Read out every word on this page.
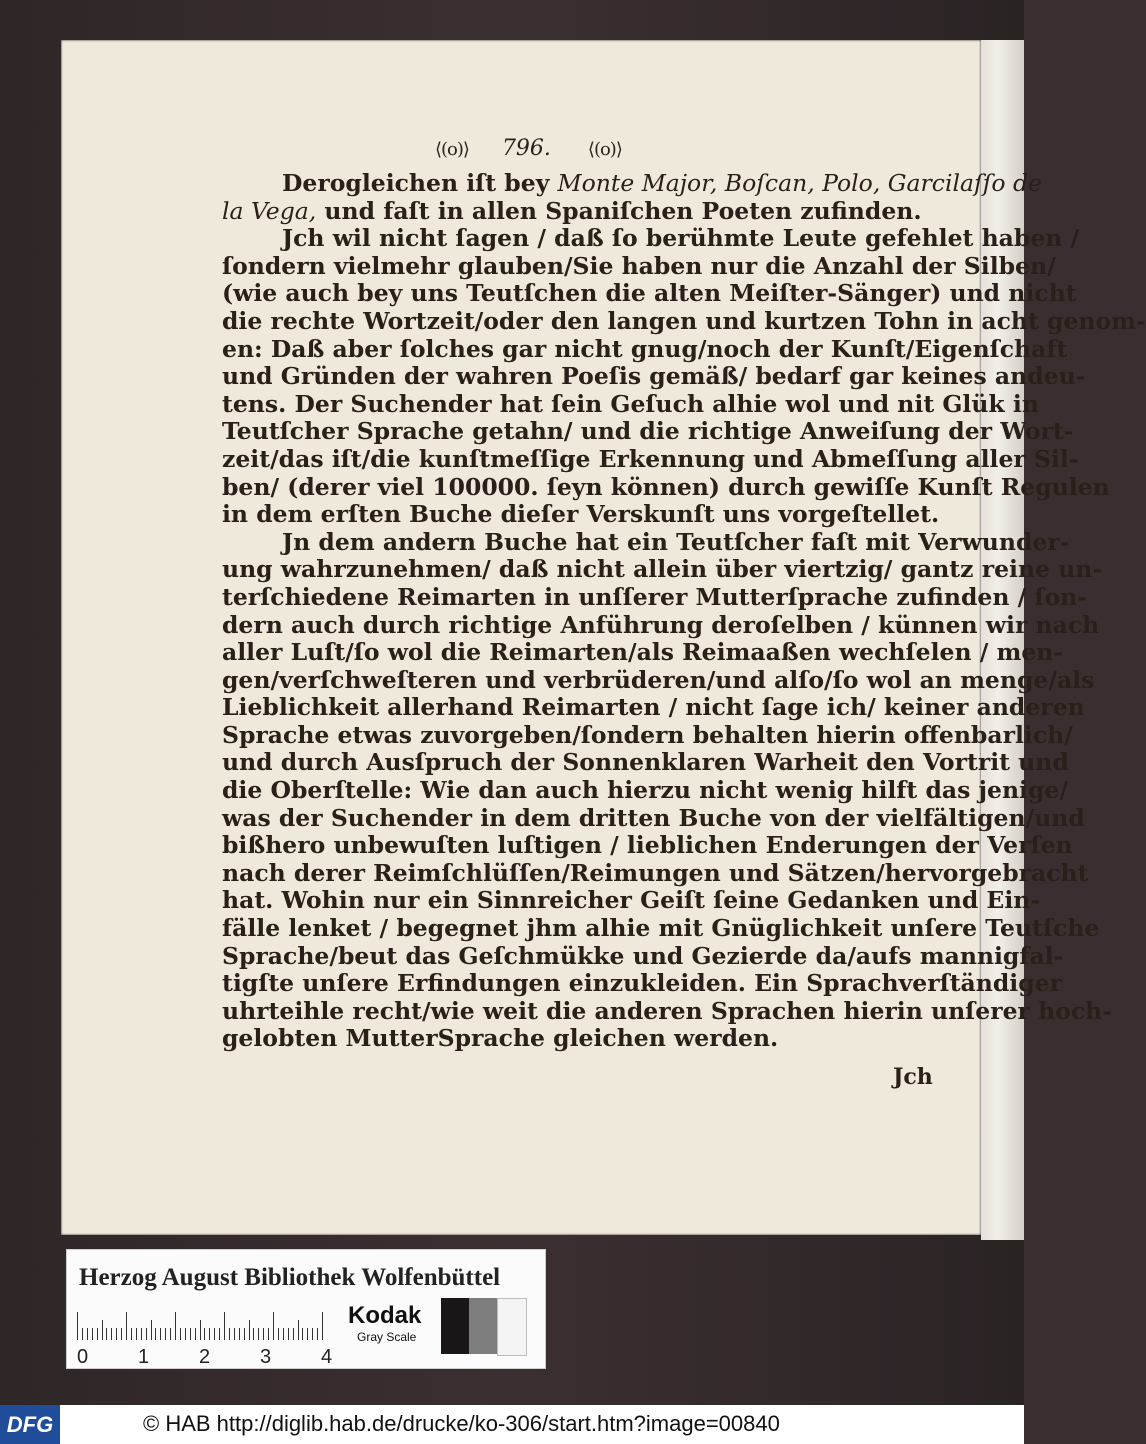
⟨(o)⟩ 796. ⟨(o)⟩
Derogleichen iſt bey Monte Major, Boſcan, Polo, Garcilaſſo de
la Vega, und faſt in allen Spaniſchen Poeten zufinden.
Jch wil nicht ſagen / daß ſo berühmte Leute gefehlet haben /
ſondern vielmehr glauben/Sie haben nur die Anzahl der Silben/
(wie auch bey uns Teutſchen die alten Meiſter-Sänger) und nicht
die rechte Wortzeit/oder den langen und kurtzen Tohn in acht genom-
en: Daß aber ſolches gar nicht gnug/noch der Kunſt/Eigenſchaft
und Gründen der wahren Poeſis gemäß/ bedarf gar keines andeu-
tens. Der Suchender hat ſein Geſuch alhie wol und nit Glük in
Teutſcher Sprache getahn/ und die richtige Anweiſung der Wort-
zeit/das iſt/die kunſtmeſſige Erkennung und Abmeſſung aller Sil-
ben/ (derer viel 100000. ſeyn können) durch gewiſſe Kunſt Regulen
in dem erſten Buche dieſer Verskunſt uns vorgeſtellet.
Jn dem andern Buche hat ein Teutſcher faſt mit Verwunder-
ung wahrzunehmen/ daß nicht allein über viertzig/ gantz reine un-
terſchiedene Reimarten in unſſerer Mutterſprache zufinden / ſon-
dern auch durch richtige Anführung deroſelben / künnen wir nach
aller Luſt/ſo wol die Reimarten/als Reimaaßen wechſelen / men-
gen/verſchweſteren und verbrüderen/und alſo/ſo wol an menge/als
Lieblichkeit allerhand Reimarten / nicht ſage ich/ keiner anderen
Sprache etwas zuvorgeben/ſondern behalten hierin offenbarlich/
und durch Ausſpruch der Sonnenklaren Warheit den Vortrit und
die Oberſtelle: Wie dan auch hierzu nicht wenig hilft das jenige/
was der Suchender in dem dritten Buche von der vielfältigen/und
bißhero unbewuſten luſtigen / lieblichen Enderungen der Verſen
nach derer Reimſchlüſſen/Reimungen und Sätzen/hervorgebracht
hat. Wohin nur ein Sinnreicher Geiſt ſeine Gedanken und Ein-
fälle lenket / begegnet jhm alhie mit Gnüglichkeit unſere Teutſche
Sprache/beut das Geſchmükke und Gezierde da/aufs mannigfal-
tigſte unſere Erfindungen einzukleiden. Ein Sprachverſtändiger
uhrteihle recht/wie weit die anderen Sprachen hierin unſerer hoch-
gelobten MutterSprache gleichen werden.
Jch
Herzog August Bibliothek Wolfenbüttel
0 1 2 3 4
Kodak
Gray Scale
DFG	© HAB http://diglib.hab.de/drucke/ko-306/start.htm?image=00840
